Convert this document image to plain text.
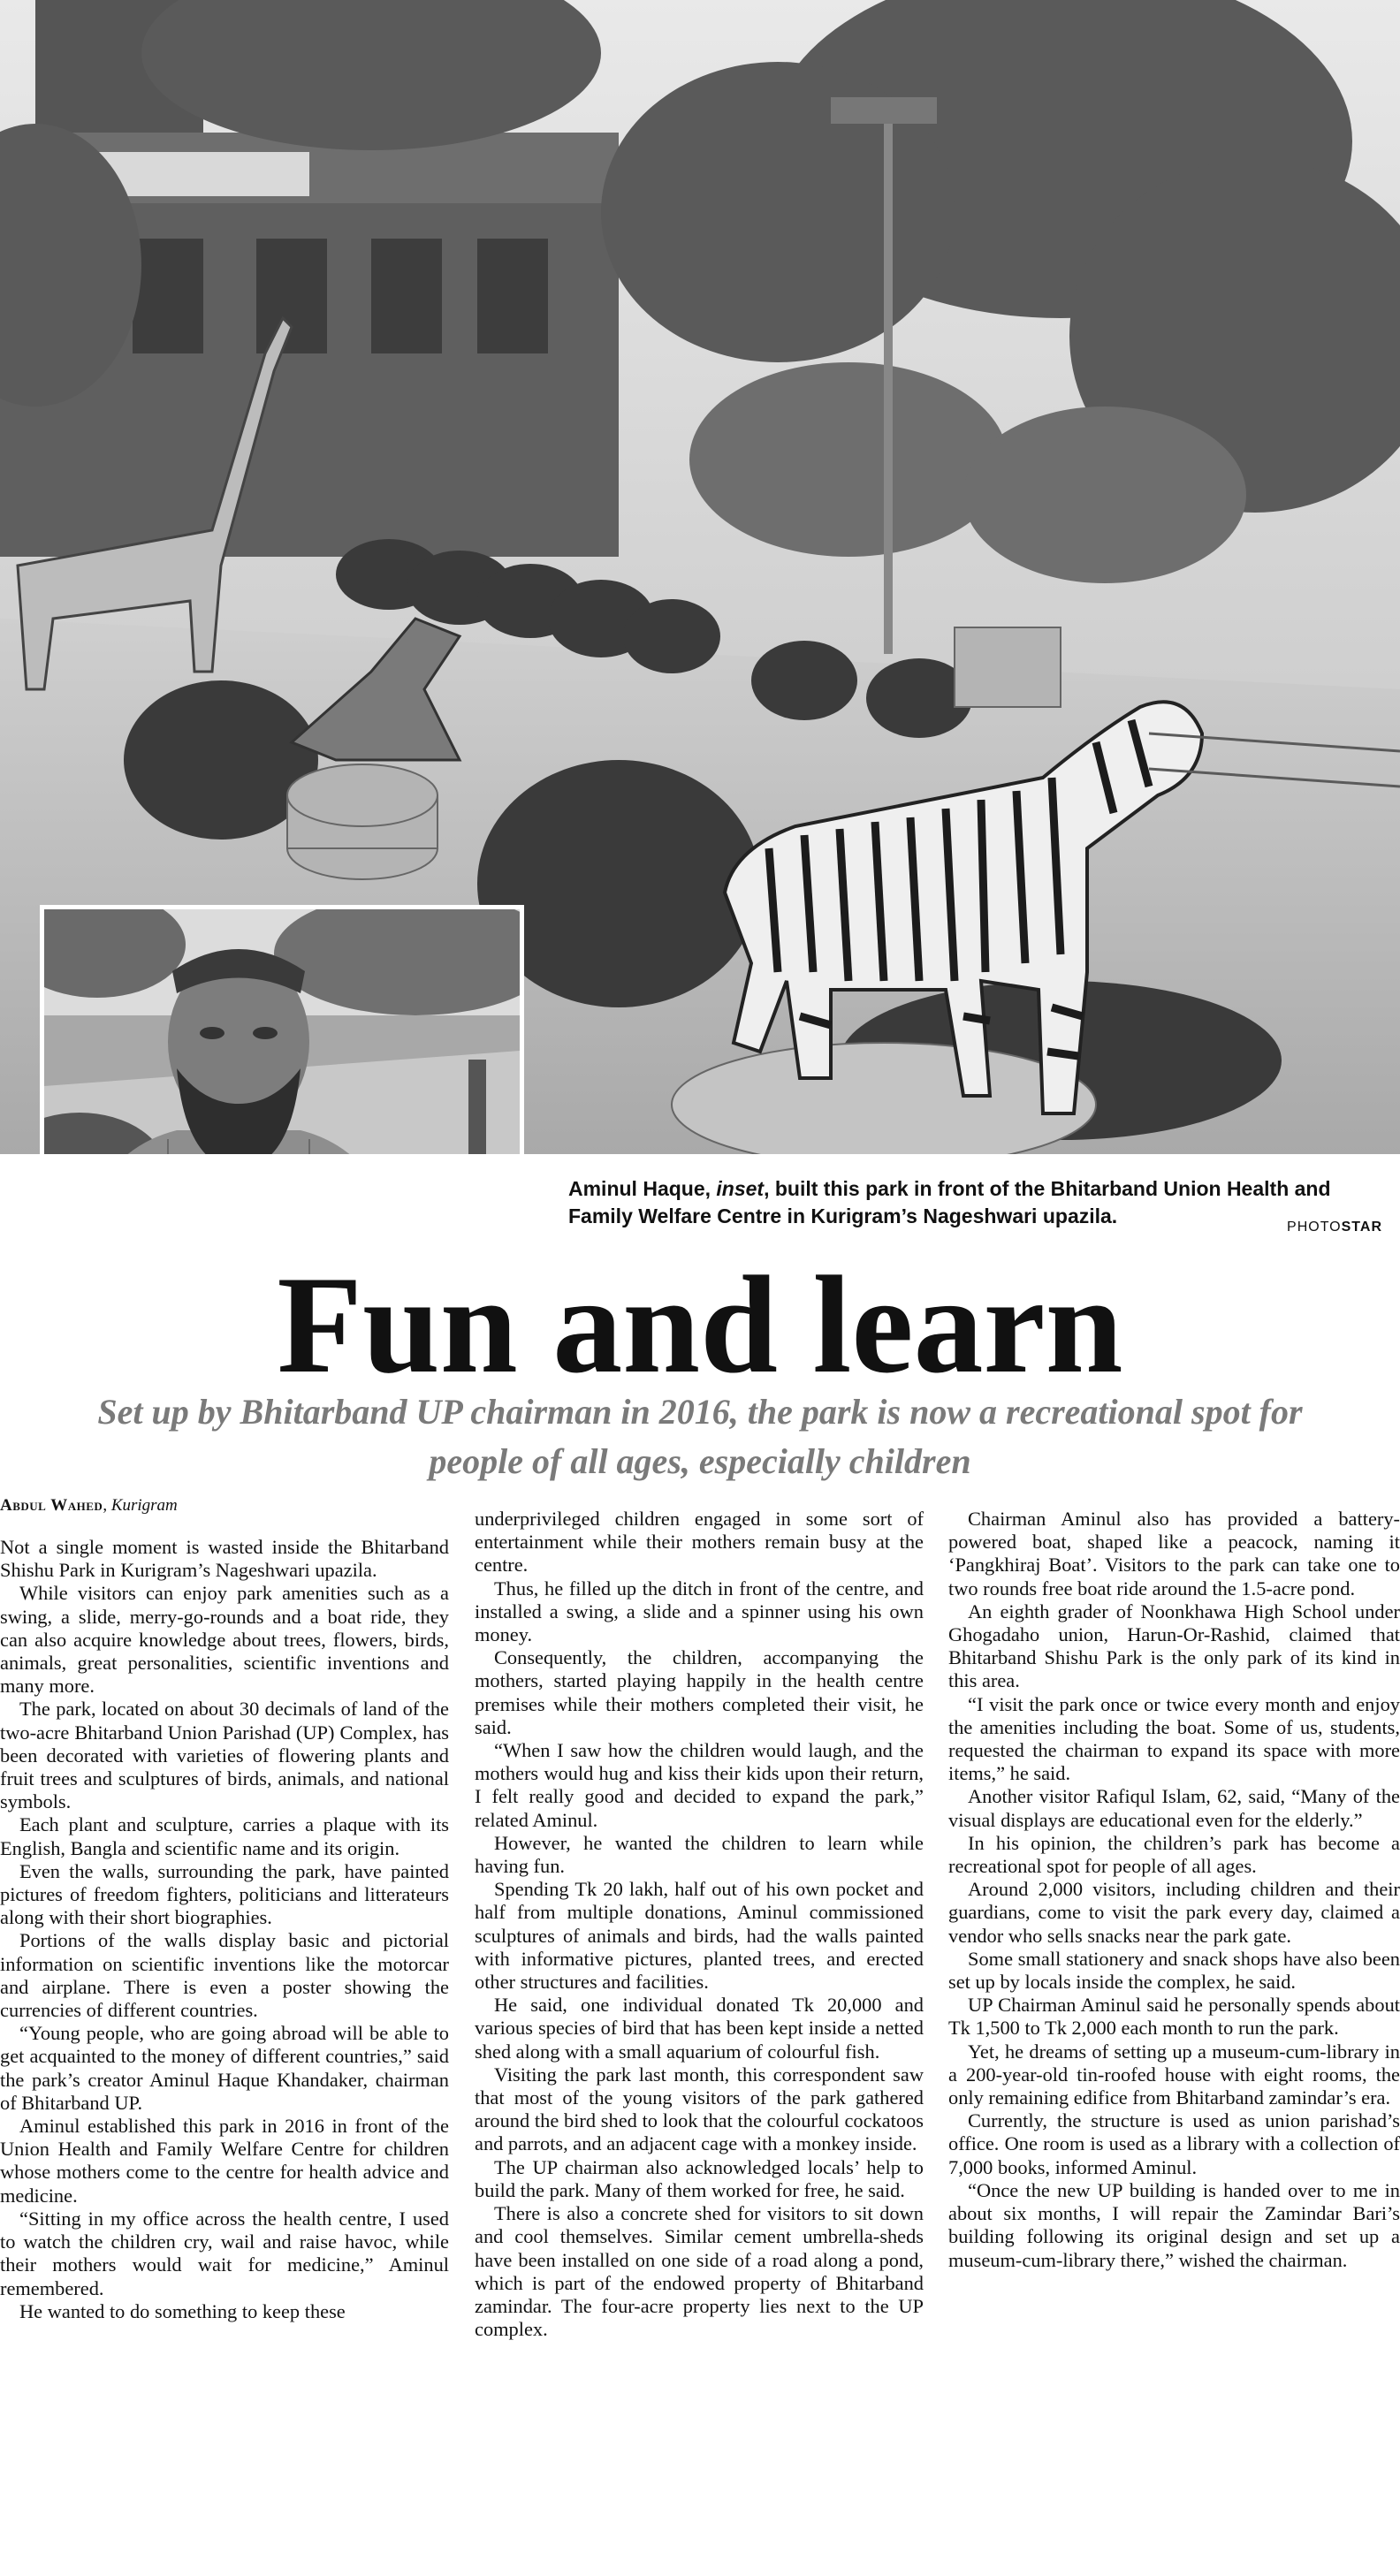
Aminul Haque, inset, built this park in front of the Bhitarband Union Health and Family Welfare Centre in Kurigram’s Nageshwari upazila.	PHOTOSTAR
Fun and learn
Set up by Bhitarband UP chairman in 2016, the park is now a recreational spot for people of all ages, especially children
Abdul Wahed, Kurigram

Not a single moment is wasted inside the Bhitarband Shishu Park in Kurigram’s Nageshwari upazila.

While visitors can enjoy park amenities such as a swing, a slide, merry-go-rounds and a boat ride, they can also acquire knowledge about trees, flowers, birds, animals, great personalities, scientific inventions and many more.

The park, located on about 30 decimals of land of the two-acre Bhitarband Union Parishad (UP) Complex, has been decorated with varieties of flowering plants and fruit trees and sculptures of birds, animals, and national symbols.

Each plant and sculpture, carries a plaque with its English, Bangla and scientific name and its origin.

Even the walls, surrounding the park, have painted pictures of freedom fighters, politicians and litterateurs along with their short biographies.

Portions of the walls display basic and pictorial information on scientific inventions like the motorcar and airplane. There is even a poster showing the currencies of different countries.

“Young people, who are going abroad will be able to get acquainted to the money of different countries,” said the park’s creator Aminul Haque Khandaker, chairman of Bhitarband UP.

Aminul established this park in 2016 in front of the Union Health and Family Welfare Centre for children whose mothers come to the centre for health advice and medicine.

“Sitting in my office across the health centre, I used to watch the children cry, wail and raise havoc, while their mothers would wait for medicine,” Aminul remembered.

He wanted to do something to keep these

underprivileged children engaged in some sort of entertainment while their mothers remain busy at the centre.

Thus, he filled up the ditch in front of the centre, and installed a swing, a slide and a spinner using his own money.

Consequently, the children, accompanying the mothers, started playing happily in the health centre premises while their mothers completed their visit, he said.

“When I saw how the children would laugh, and the mothers would hug and kiss their kids upon their return, I felt really good and decided to expand the park,” related Aminul.

However, he wanted the children to learn while having fun.

Spending Tk 20 lakh, half out of his own pocket and half from multiple donations, Aminul commissioned sculptures of animals and birds, had the walls painted with informative pictures, planted trees, and erected other structures and facilities.

He said, one individual donated Tk 20,000 and various species of bird that has been kept inside a netted shed along with a small aquarium of colourful fish.

Visiting the park last month, this correspondent saw that most of the young visitors of the park gathered around the bird shed to look that the colourful cockatoos and parrots, and an adjacent cage with a monkey inside.

The UP chairman also acknowledged locals’ help to build the park. Many of them worked for free, he said.

There is also a concrete shed for visitors to sit down and cool themselves. Similar cement umbrella-sheds have been installed on one side of a road along a pond, which is part of the endowed property of Bhitarband zamindar. The four-acre property lies next to the UP complex.

Chairman Aminul also has provided a battery-powered boat, shaped like a peacock, naming it ‘Pangkhiraj Boat’. Visitors to the park can take one to two rounds free boat ride around the 1.5-acre pond.

An eighth grader of Noonkhawa High School under Ghogadaho union, Harun-Or-Rashid, claimed that Bhitarband Shishu Park is the only park of its kind in this area.

“I visit the park once or twice every month and enjoy the amenities including the boat. Some of us, students, requested the chairman to expand its space with more items,” he said.

Another visitor Rafiqul Islam, 62, said, “Many of the visual displays are educational even for the elderly.”

In his opinion, the children’s park has become a recreational spot for people of all ages.

Around 2,000 visitors, including children and their guardians, come to visit the park every day, claimed a vendor who sells snacks near the park gate.

Some small stationery and snack shops have also been set up by locals inside the complex, he said.

UP Chairman Aminul said he personally spends about Tk 1,500 to Tk 2,000 each month to run the park.

Yet, he dreams of setting up a museum-cum-library in a 200-year-old tin-roofed house with eight rooms, the only remaining edifice from Bhitarband zamindar’s era.

Currently, the structure is used as union parishad’s office. One room is used as a library with a collection of 7,000 books, informed Aminul.

“Once the new UP building is handed over to me in about six months, I will repair the Zamindar Bari’s building following its original design and set up a museum-cum-library there,” wished the chairman.
